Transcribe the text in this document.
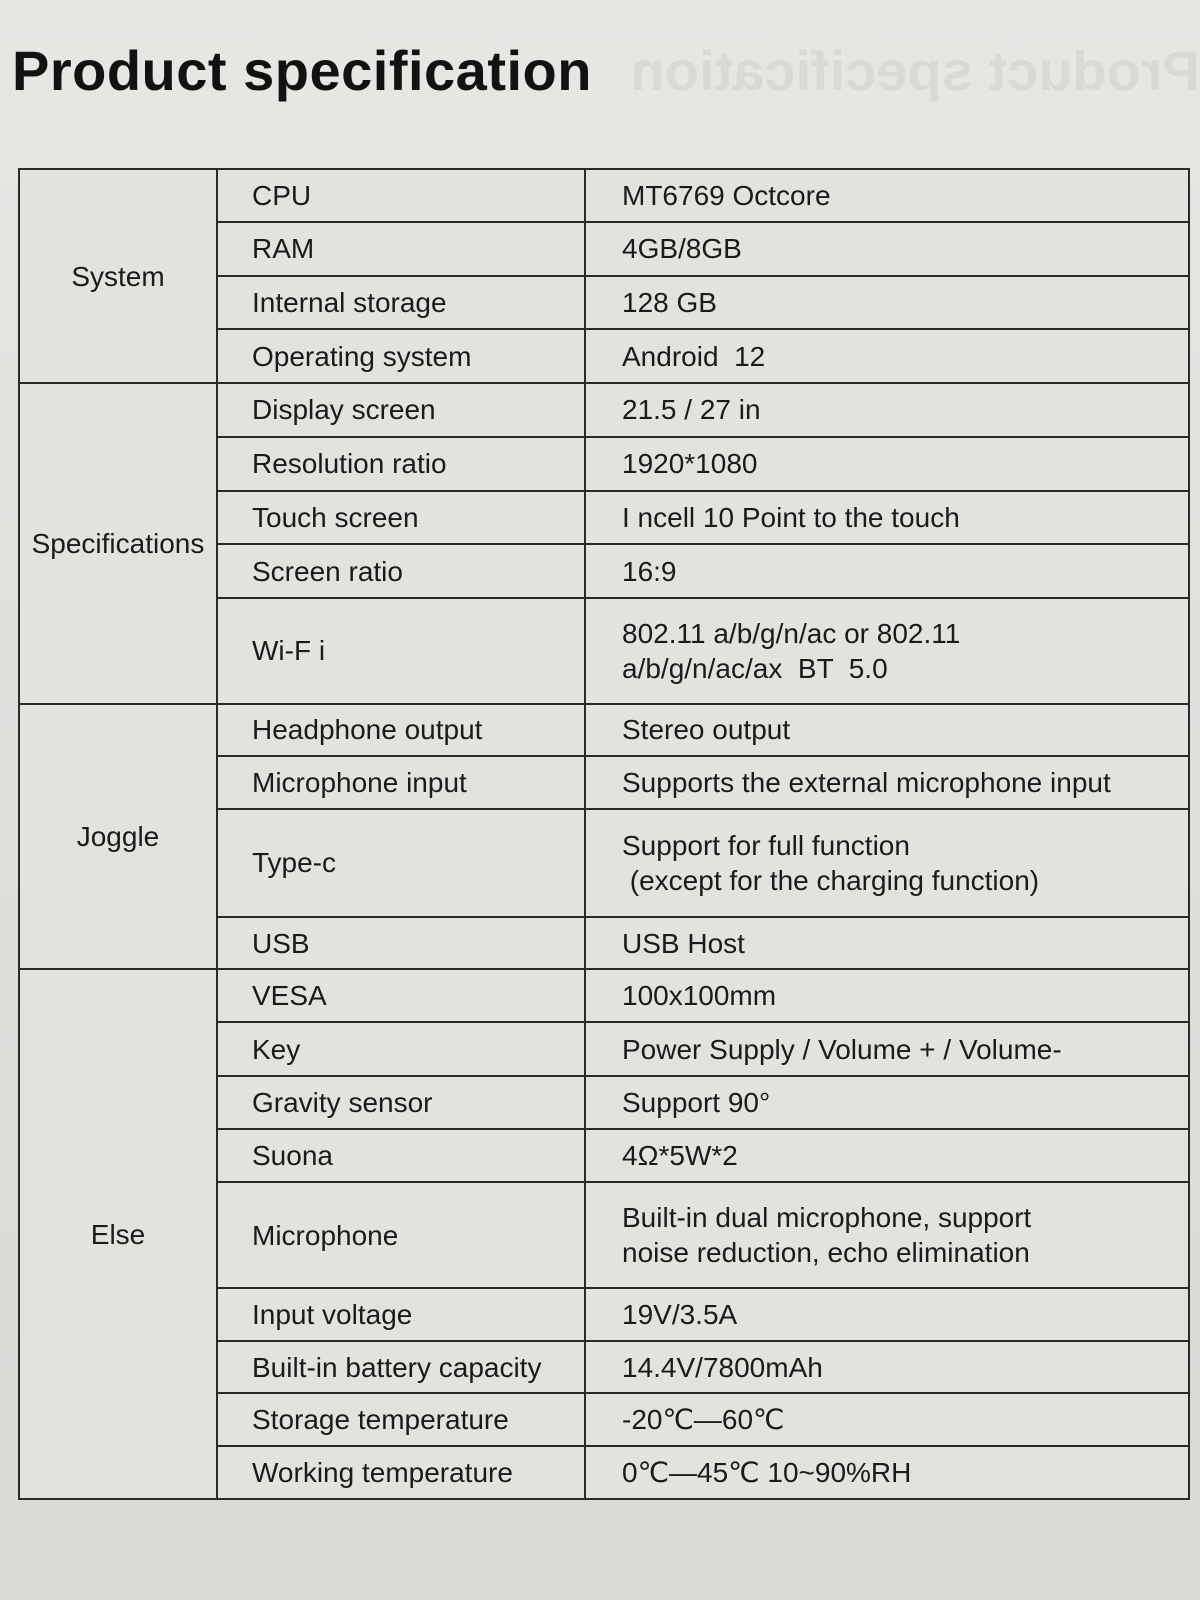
Product specification
Product specification
System	CPU	MT6769 Octcore

	RAM	4GB/8GB

	Internal storage	128 GB

	Operating system	Android  12

Specifications	Display screen	21.5 / 27 in

	Resolution ratio	1920*1080

	Touch screen	I ncell 10 Point to the touch

	Screen ratio	16:9

	Wi-F i	802.11 a/b/g/n/ac or 802.11
a/b/g/n/ac/ax  BT  5.0

Joggle	Headphone output	Stereo output

	Microphone input	Supports the external microphone input

	Type-c	Support for full function
(except for the charging function)

	USB	USB Host

Else	VESA	100x100mm

	Key	Power Supply / Volume + / Volume-

	Gravity sensor	Support 90°

	Suona	4Ω*5W*2

	Microphone	Built-in dual microphone, support
noise reduction, echo elimination

	Input voltage	19V/3.5A

	Built-in battery capacity	14.4V/7800mAh

	Storage temperature	-20℃—60℃

	Working temperature	0℃—45℃ 10~90%RH
